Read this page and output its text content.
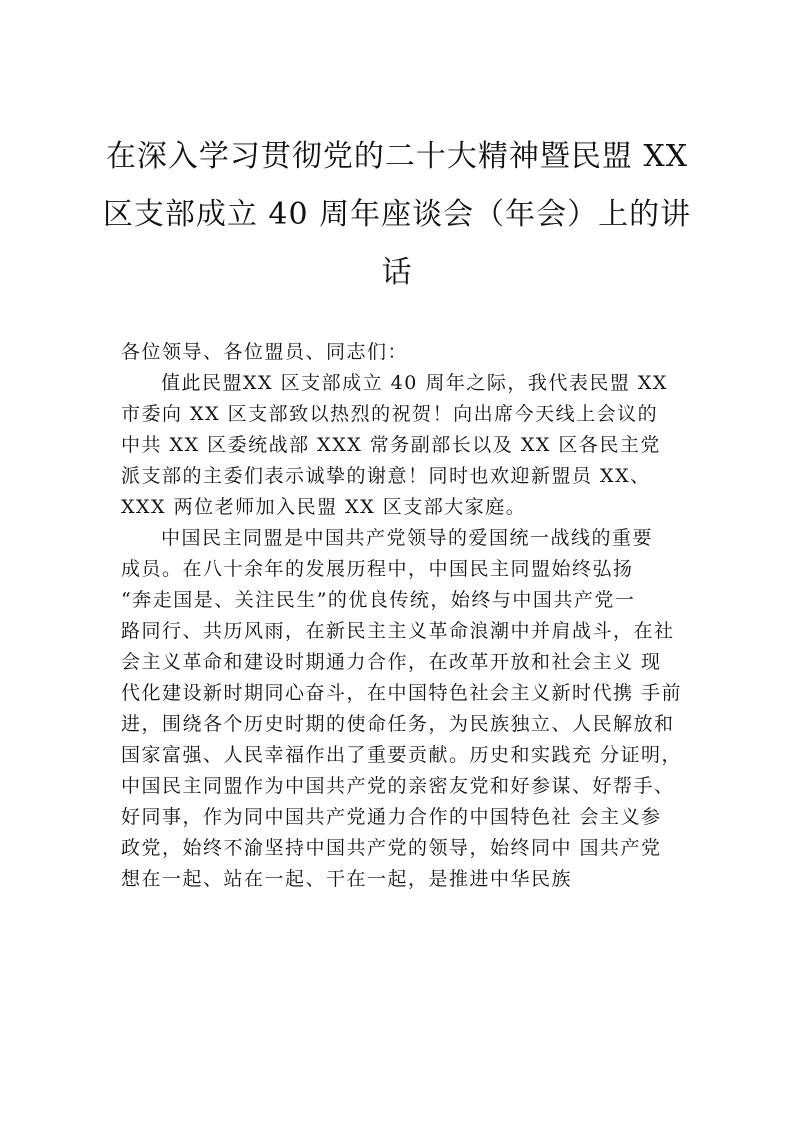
在深入学习贯彻党的二十大精神暨民盟 XX
区支部成立 40 周年座谈会（年会）上的讲
话
各位领导、各位盟员、同志们：
值此民盟XX 区支部成立 40 周年之际，我代表民盟 XX
市委向 XX 区支部致以热烈的祝贺！向出席今天线上会议的
中共 XX 区委统战部 XXX 常务副部长以及 XX 区各民主党
派支部的主委们表示诚挚的谢意！同时也欢迎新盟员 XX、
XXX 两位老师加入民盟 XX 区支部大家庭。
中国民主同盟是中国共产党领导的爱国统一战线的重要
成员。在八十余年的发展历程中，中国民主同盟始终弘扬
“奔走国是、关注民生”的优良传统，始终与中国共产党一
路同行、共历风雨，在新民主主义革命浪潮中并肩战斗，在社
会主义革命和建设时期通力合作，在改革开放和社会主义 现
代化建设新时期同心奋斗，在中国特色社会主义新时代携 手前
进，围绕各个历史时期的使命任务，为民族独立、人民解放和
国家富强、人民幸福作出了重要贡献。历史和实践充 分证明，
中国民主同盟作为中国共产党的亲密友党和好参谋、好帮手、
好同事，作为同中国共产党通力合作的中国特色社 会主义参
政党，始终不渝坚持中国共产党的领导，始终同中 国共产党
想在一起、站在一起、干在一起，是推进中华民族
